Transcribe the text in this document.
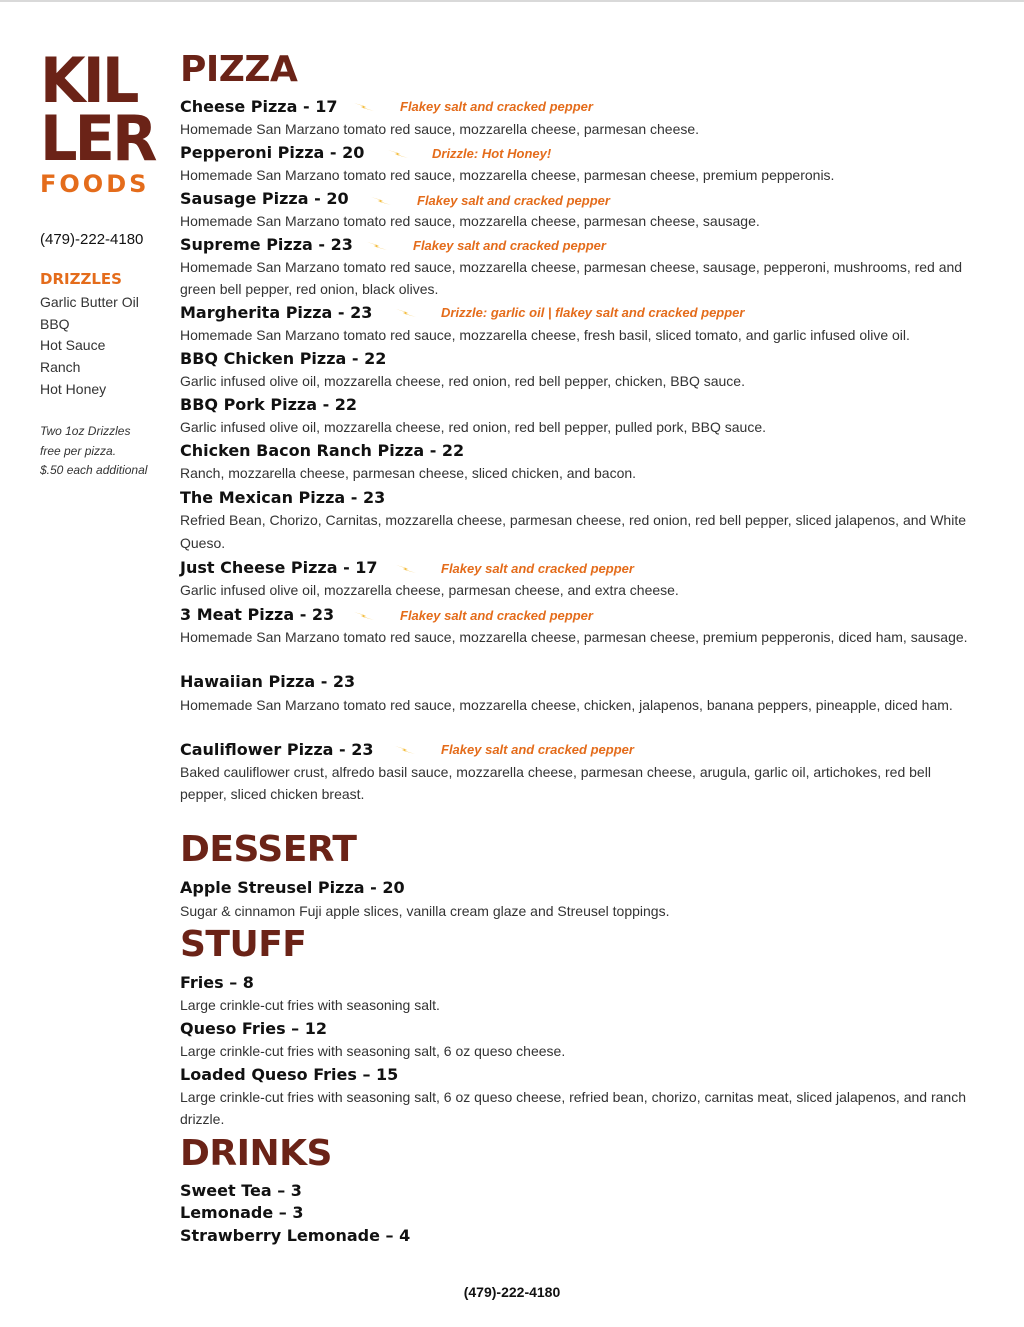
KIL
LER
FOODS
(479)-222-4180
DRIZZLES
Garlic Butter Oil
BBQ
Hot Sauce
Ranch
Hot Honey
Two 1oz Drizzles
free per pizza.
$.50 each additional
PIZZA
Cheese Pizza - 17	Flakey salt and cracked pepper
Homemade San Marzano tomato red sauce, mozzarella cheese, parmesan cheese.
Pepperoni Pizza - 20	Drizzle: Hot Honey!
Homemade San Marzano tomato red sauce, mozzarella cheese, parmesan cheese, premium pepperonis.
Sausage Pizza - 20	Flakey salt and cracked pepper
Homemade San Marzano tomato red sauce, mozzarella cheese, parmesan cheese, sausage.
Supreme Pizza - 23	Flakey salt and cracked pepper
Homemade San Marzano tomato red sauce, mozzarella cheese, parmesan cheese, sausage, pepperoni, mushrooms, red and green bell pepper, red onion, black olives.
Margherita Pizza - 23	Drizzle: garlic oil | flakey salt and cracked pepper
Homemade San Marzano tomato red sauce, mozzarella cheese, fresh basil, sliced tomato, and garlic infused olive oil.
BBQ Chicken Pizza - 22
Garlic infused olive oil, mozzarella cheese, red onion, red bell pepper, chicken, BBQ sauce.
BBQ Pork Pizza - 22
Garlic infused olive oil, mozzarella cheese, red onion, red bell pepper, pulled pork, BBQ sauce.
Chicken Bacon Ranch Pizza - 22
Ranch, mozzarella cheese, parmesan cheese, sliced chicken, and bacon.
The Mexican Pizza - 23
Refried Bean, Chorizo, Carnitas, mozzarella cheese, parmesan cheese, red onion, red bell pepper, sliced jalapenos, and White Queso.
Just Cheese Pizza - 17	Flakey salt and cracked pepper
Garlic infused olive oil, mozzarella cheese, parmesan cheese, and extra cheese.
3 Meat Pizza - 23	Flakey salt and cracked pepper
Homemade San Marzano tomato red sauce, mozzarella cheese, parmesan cheese, premium pepperonis, diced ham, sausage.
Hawaiian Pizza - 23
Homemade San Marzano tomato red sauce, mozzarella cheese, chicken, jalapenos, banana peppers, pineapple, diced ham.
Cauliflower Pizza - 23	Flakey salt and cracked pepper
Baked cauliflower crust, alfredo basil sauce, mozzarella cheese, parmesan cheese, arugula, garlic oil, artichokes, red bell pepper, sliced chicken breast.
DESSERT
Apple Streusel Pizza - 20
Sugar & cinnamon Fuji apple slices, vanilla cream glaze and Streusel toppings.
STUFF
Fries – 8
Large crinkle-cut fries with seasoning salt.
Queso Fries – 12
Large crinkle-cut fries with seasoning salt, 6 oz queso cheese.
Loaded Queso Fries – 15
Large crinkle-cut fries with seasoning salt, 6 oz queso cheese, refried bean, chorizo, carnitas meat, sliced jalapenos, and ranch drizzle.
DRINKS
Sweet Tea – 3
Lemonade – 3
Strawberry Lemonade – 4
(479)-222-4180
